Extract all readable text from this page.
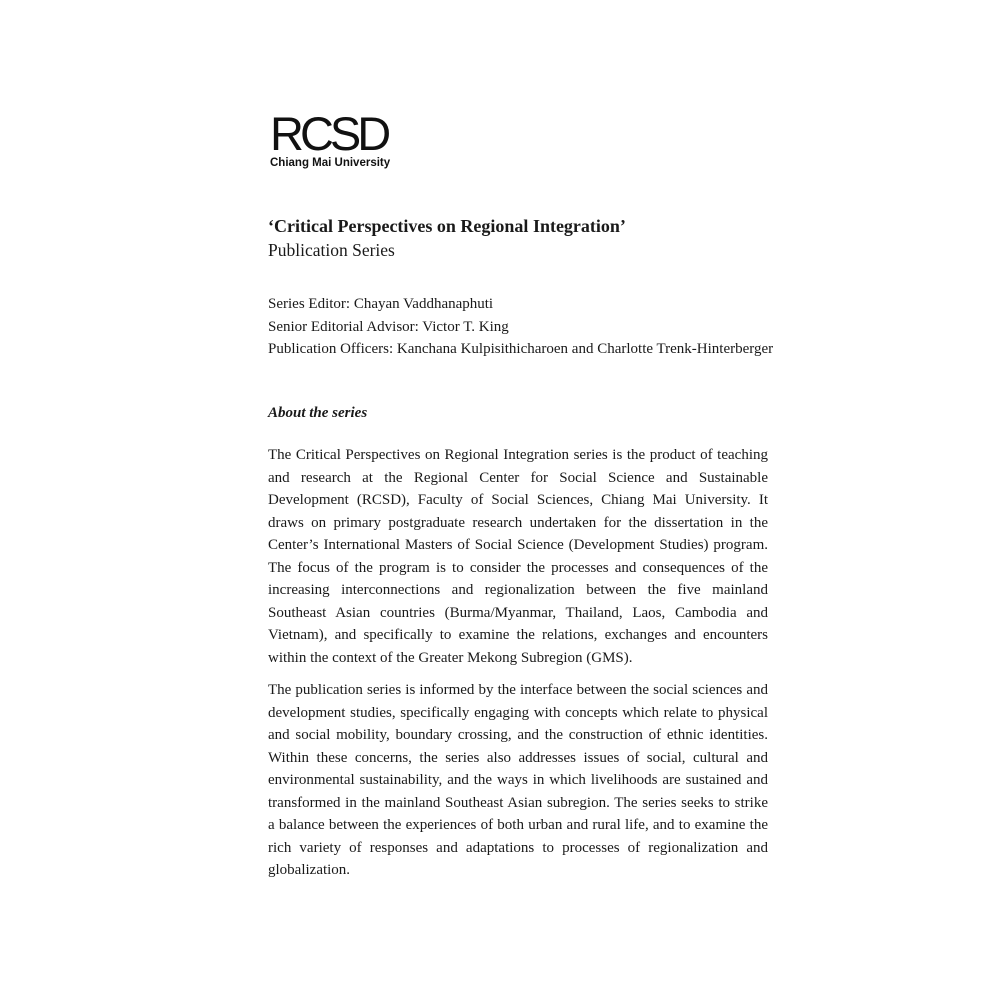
RCSD
Chiang Mai University
‘Critical Perspectives on Regional Integration’
Publication Series
Series Editor: Chayan Vaddhanaphuti
Senior Editorial Advisor: Victor T. King
Publication Officers: Kanchana Kulpisithicharoen and Charlotte Trenk-Hinterberger
About the series

The Critical Perspectives on Regional Integration series is the product of teaching and research at the Regional Center for Social Science and Sustainable Development (RCSD), Faculty of Social Sciences, Chiang Mai University. It draws on primary postgraduate research undertaken for the dissertation in the Center’s International Masters of Social Science (Development Studies) program. The focus of the program is to consider the processes and consequences of the increasing interconnections and regionalization between the five mainland Southeast Asian countries (Burma/Myanmar, Thailand, Laos, Cambodia and Vietnam), and specifically to examine the relations, exchanges and encounters within the context of the Greater Mekong Subregion (GMS).

The publication series is informed by the interface between the social sciences and development studies, specifically engaging with concepts which relate to physical and social mobility, boundary crossing, and the construction of ethnic identities. Within these concerns, the series also addresses issues of social, cultural and environmental sustainability, and the ways in which livelihoods are sustained and transformed in the mainland Southeast Asian subregion. The series seeks to strike a balance between the experiences of both urban and rural life, and to examine the rich variety of responses and adaptations to processes of regionalization and globalization.
